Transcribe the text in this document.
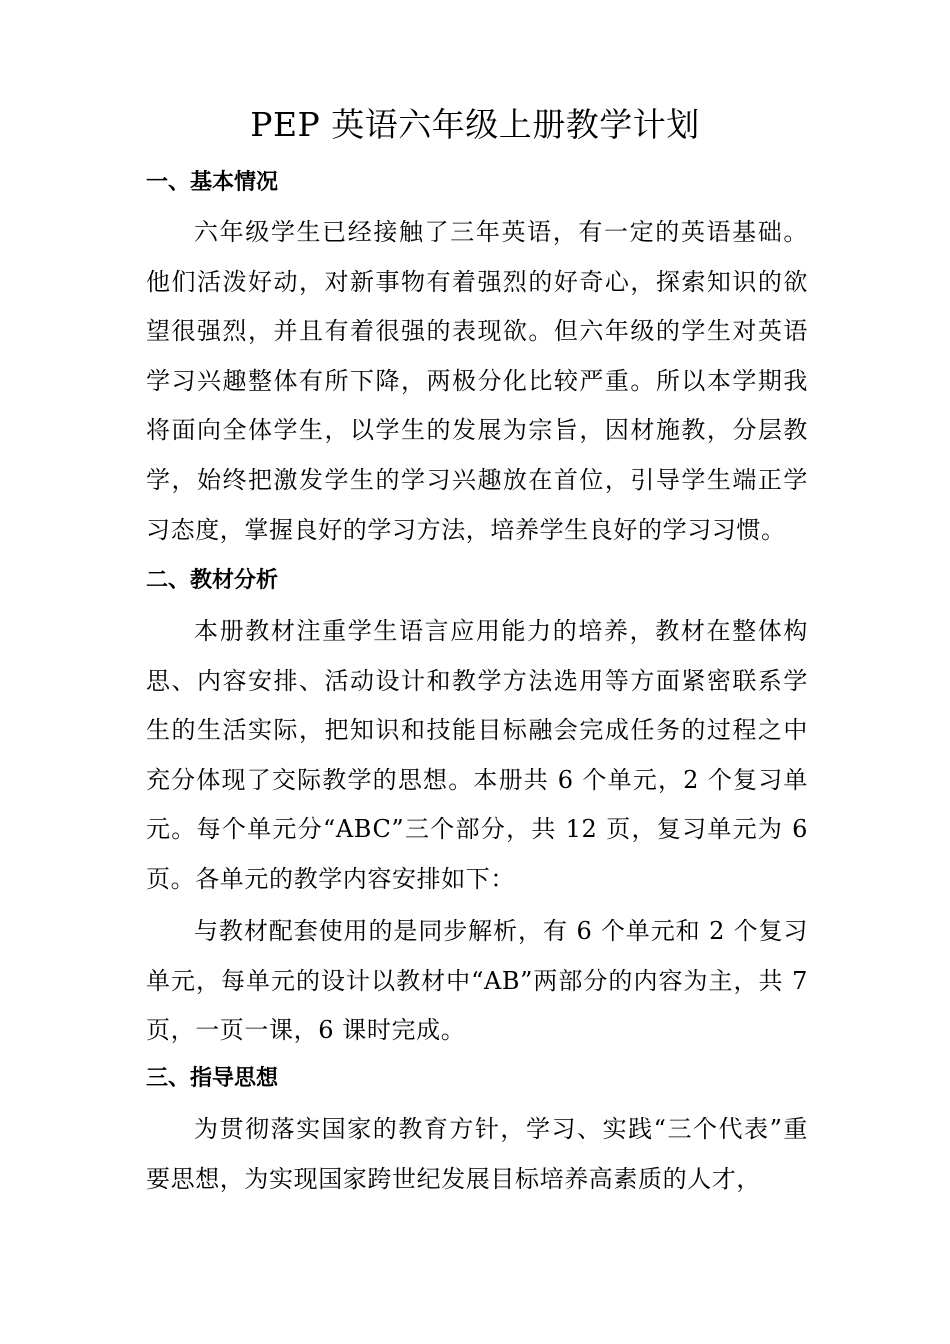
PEP 英语六年级上册教学计划
一、基本情况

六年级学生已经接触了三年英语，有一定的英语基础。他们活泼好动，对新事物有着强烈的好奇心，探索知识的欲望很强烈，并且有着很强的表现欲。但六年级的学生对英语学习兴趣整体有所下降，两极分化比较严重。所以本学期我将面向全体学生，以学生的发展为宗旨，因材施教，分层教学，始终把激发学生的学习兴趣放在首位，引导学生端正学习态度，掌握良好的学习方法，培养学生良好的学习习惯。

二、教材分析

本册教材注重学生语言应用能力的培养，教材在整体构思、内容安排、活动设计和教学方法选用等方面紧密联系学生的生活实际，把知识和技能目标融会完成任务的过程之中充分体现了交际教学的思想。本册共 6 个单元，2 个复习单元。每个单元分“ABC”三个部分，共 12 页，复习单元为 6 页。各单元的教学内容安排如下：

与教材配套使用的是同步解析，有 6 个单元和 2 个复习单元，每单元的设计以教材中“AB”两部分的内容为主，共 7 页，一页一课，6 课时完成。

三、指导思想

为贯彻落实国家的教育方针，学习、实践“三个代表”重要思想，为实现国家跨世纪发展目标培养高素质的人才，
